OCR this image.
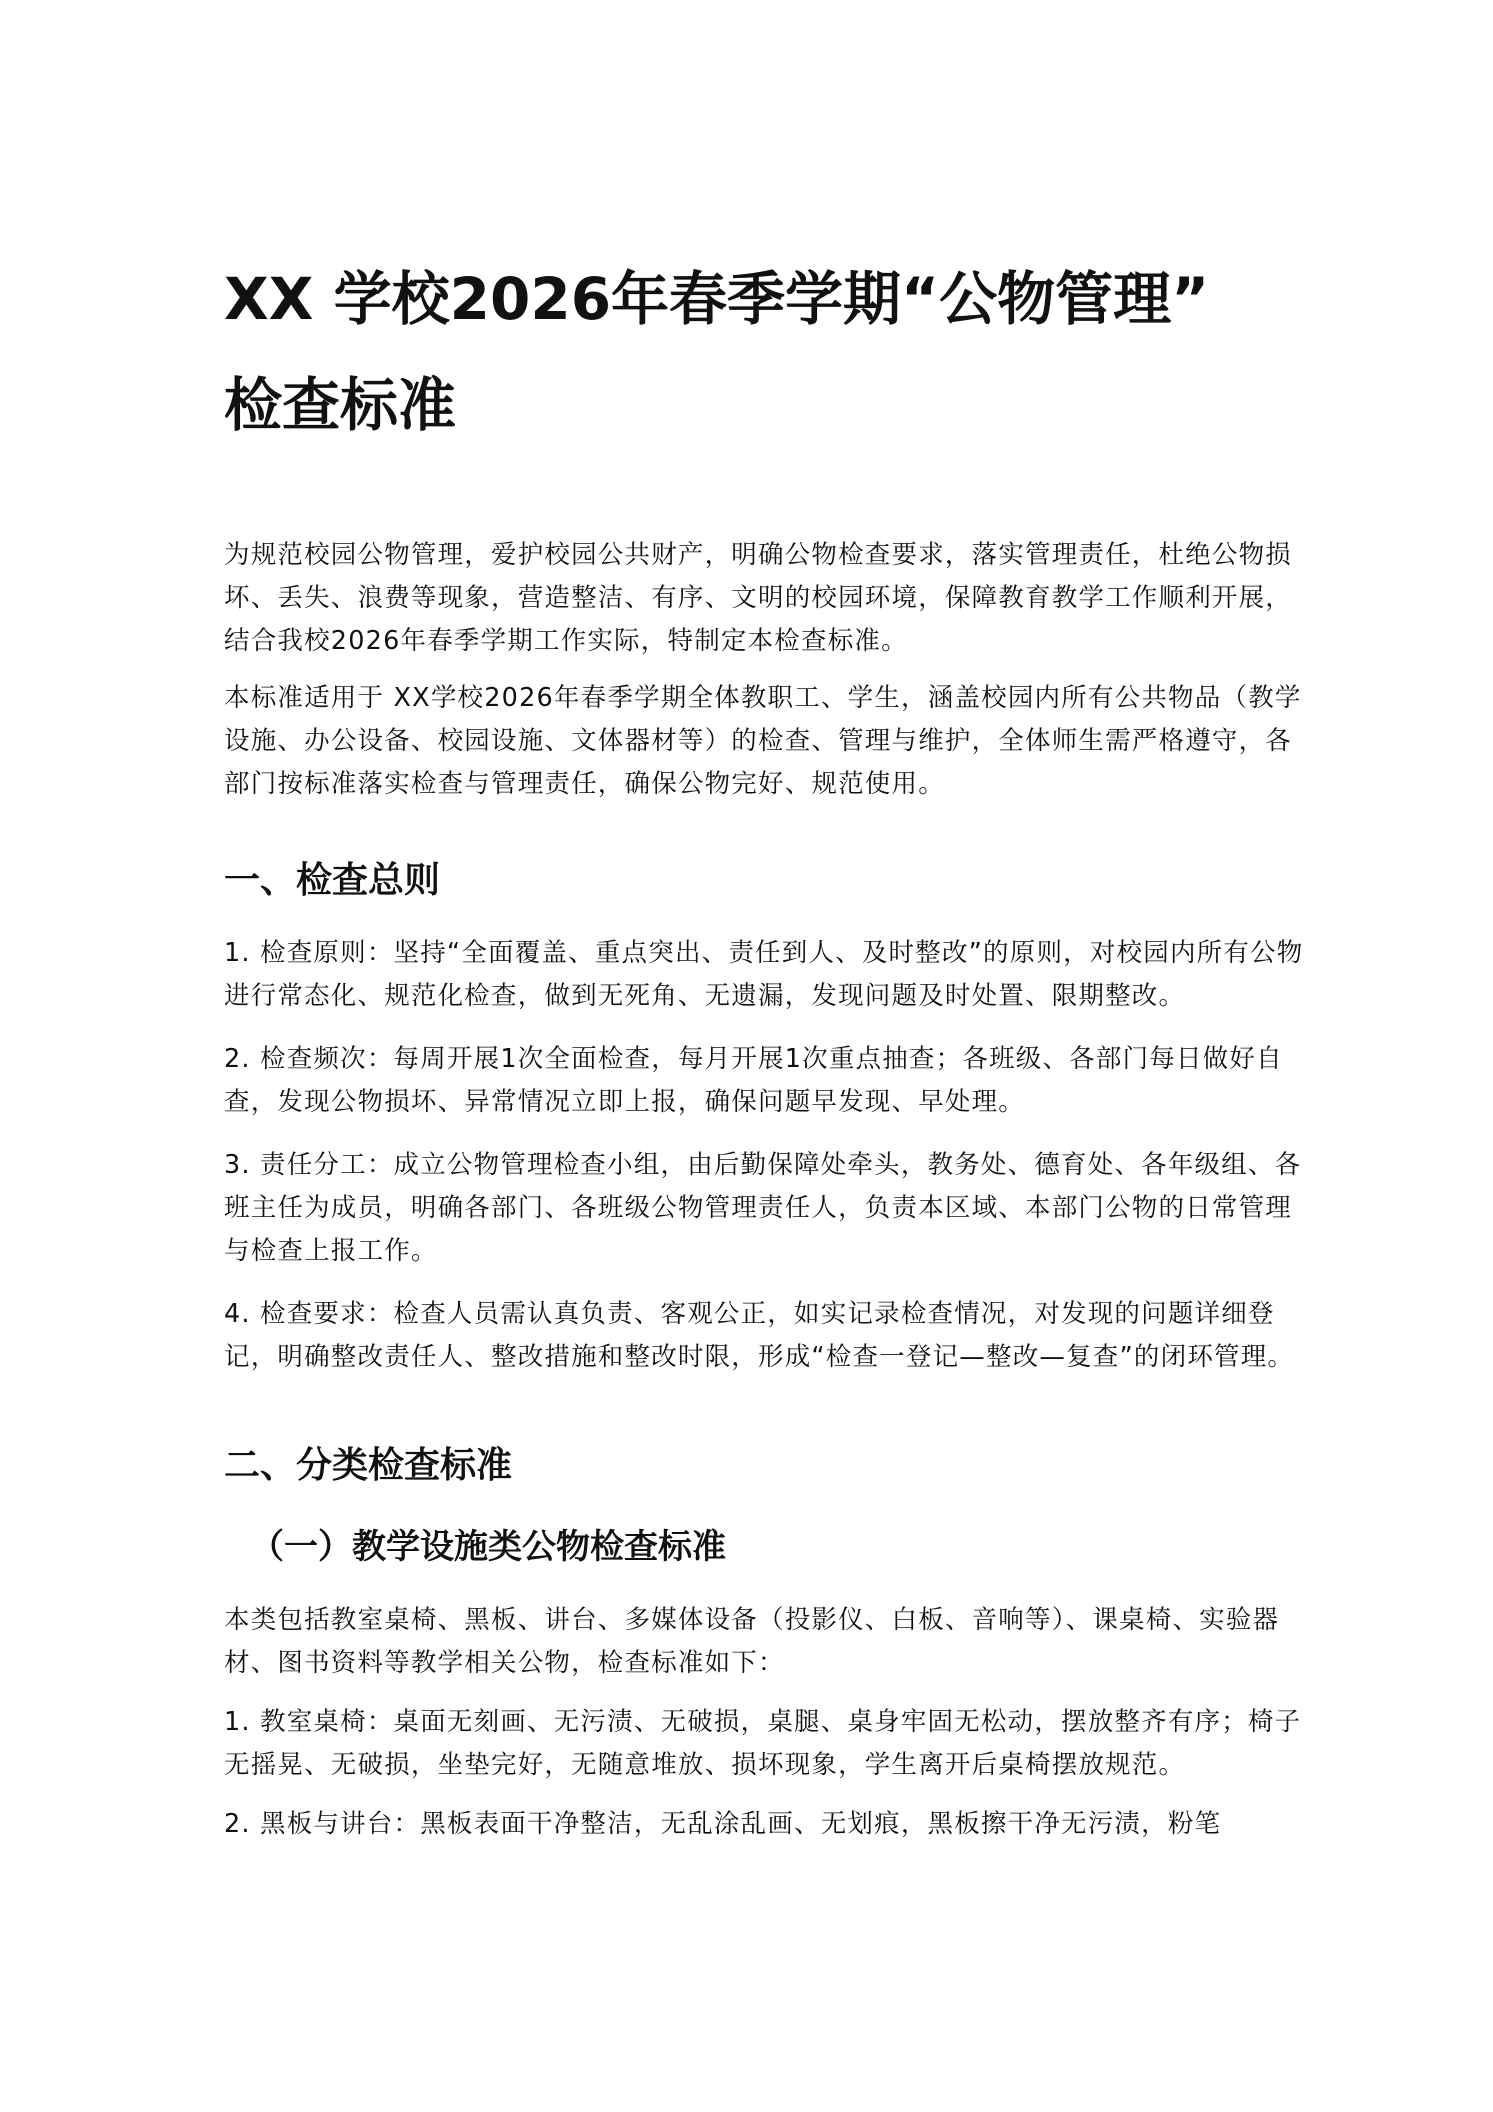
XX 学校2026年春季学期“公物管理”
检查标准

为规范校园公物管理，爱护校园公共财产，明确公物检查要求，落实管理责任，杜绝公物损坏、丢失、浪费等现象，营造整洁、有序、文明的校园环境，保障教育教学工作顺利开展，结合我校2026年春季学期工作实际，特制定本检查标准。

本标准适用于 XX学校2026年春季学期全体教职工、学生，涵盖校园内所有公共物品（教学设施、办公设备、校园设施、文体器材等）的检查、管理与维护，全体师生需严格遵守，各部门按标准落实检查与管理责任，确保公物完好、规范使用。

一、检查总则

1. 检查原则：坚持“全面覆盖、重点突出、责任到人、及时整改”的原则，对校园内所有公物进行常态化、规范化检查，做到无死角、无遗漏，发现问题及时处置、限期整改。

2. 检查频次：每周开展1次全面检查，每月开展1次重点抽查；各班级、各部门每日做好自查，发现公物损坏、异常情况立即上报，确保问题早发现、早处理。

3. 责任分工：成立公物管理检查小组，由后勤保障处牵头，教务处、德育处、各年级组、各班主任为成员，明确各部门、各班级公物管理责任人，负责本区域、本部门公物的日常管理与检查上报工作。

4. 检查要求：检查人员需认真负责、客观公正，如实记录检查情况，对发现的问题详细登记，明确整改责任人、整改措施和整改时限，形成“检查一登记—整改—复查”的闭环管理。

二、分类检查标准
（一）教学设施类公物检查标准

本类包括教室桌椅、黑板、讲台、多媒体设备（投影仪、白板、音响等）、课桌椅、实验器材、图书资料等教学相关公物，检查标准如下：

1. 教室桌椅：桌面无刻画、无污渍、无破损，桌腿、桌身牢固无松动，摆放整齐有序；椅子无摇晃、无破损，坐垫完好，无随意堆放、损坏现象，学生离开后桌椅摆放规范。

2. 黑板与讲台：黑板表面干净整洁，无乱涂乱画、无划痕，黑板擦干净无污渍，粉笔
